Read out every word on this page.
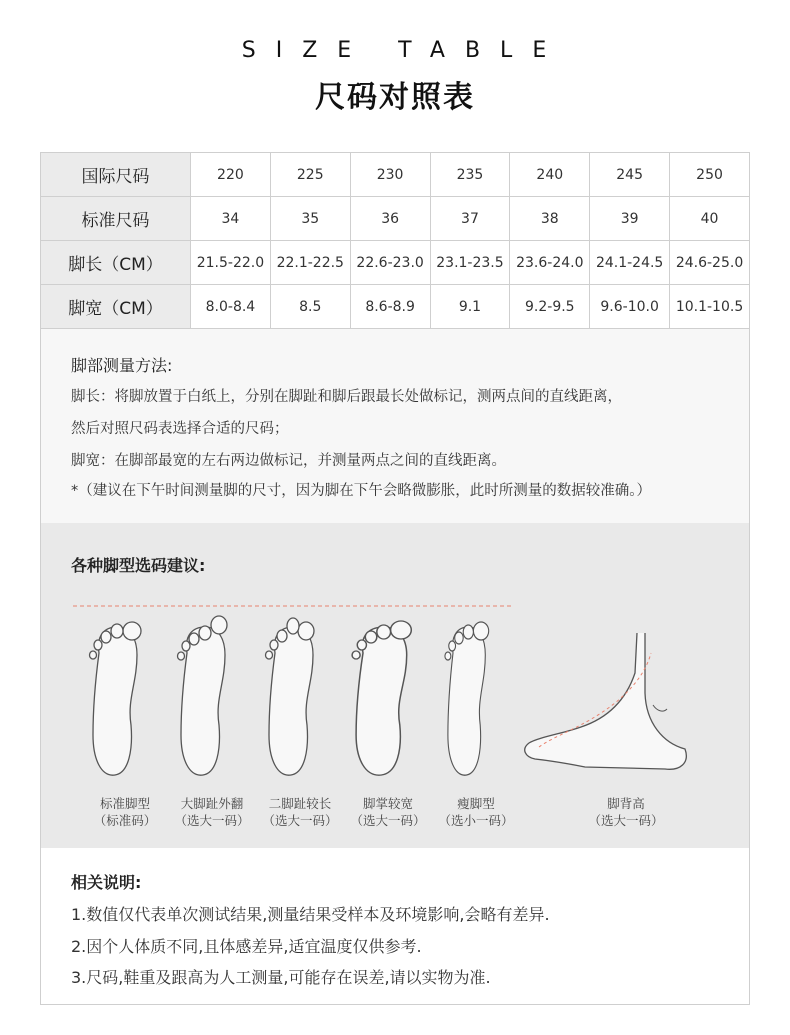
SIZE TABLE
尺码对照表
国际尺码	220	225	230	235	240	245	250
标准尺码	34	35	36	37	38	39	40
脚长（CM）	21.5-22.0	22.1-22.5	22.6-23.0	23.1-23.5	23.6-24.0	24.1-24.5	24.6-25.0
脚宽（CM）	8.0-8.4	8.5	8.6-8.9	9.1	9.2-9.5	9.6-10.0	10.1-10.5
脚部测量方法:
脚长：将脚放置于白纸上，分别在脚趾和脚后跟最长处做标记，测两点间的直线距离，
然后对照尺码表选择合适的尺码；
脚宽：在脚部最宽的左右两边做标记，并测量两点之间的直线距离。
*（建议在下午时间测量脚的尺寸，因为脚在下午会略微膨胀，此时所测量的数据较准确。）
各种脚型选码建议:
标准脚型
（标准码）
大脚趾外翻
（选大一码）
二脚趾较长
（选大一码）
脚掌较宽
（选大一码）
瘦脚型
（选小一码）
脚背高
（选大一码）
相关说明:
1.数值仅代表单次测试结果,测量结果受样本及环境影响,会略有差异.
2.因个人体质不同,且体感差异,适宜温度仅供参考.
3.尺码,鞋重及跟高为人工测量,可能存在误差,请以实物为准.
